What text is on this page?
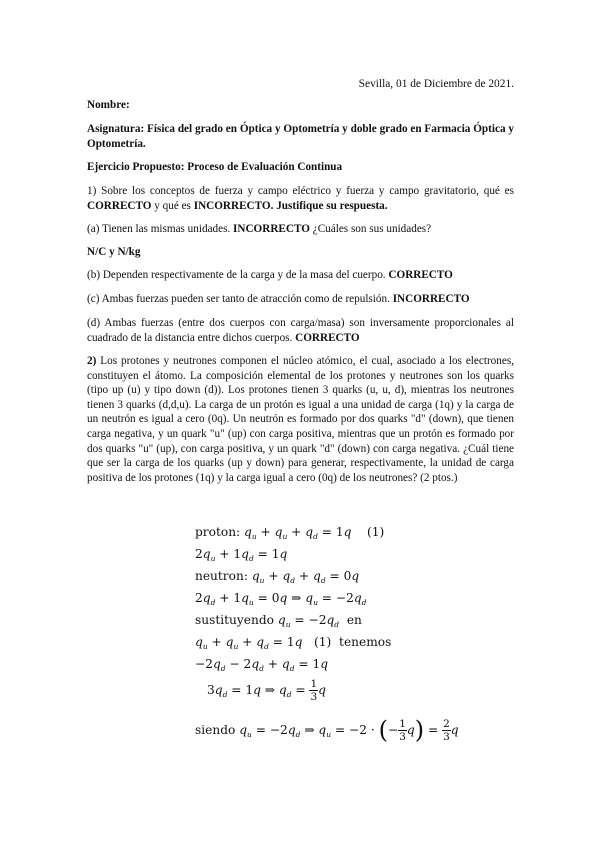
Sevilla, 01 de Diciembre de 2021.
Nombre:
Asignatura: Física del grado en Óptica y Optometría y doble grado en Farmacia Óptica y Optometría.
Ejercicio Propuesto: Proceso de Evaluación Continua
1) Sobre los conceptos de fuerza y campo eléctrico y fuerza y campo gravitatorio, qué es CORRECTO y qué es INCORRECTO. Justifique su respuesta.
(a) Tienen las mismas unidades. INCORRECTO ¿Cuáles son sus unidades?
N/C y N/kg
(b) Dependen respectivamente de la carga y de la masa del cuerpo. CORRECTO
(c) Ambas fuerzas pueden ser tanto de atracción como de repulsión. INCORRECTO
(d) Ambas fuerzas (entre dos cuerpos con carga/masa) son inversamente proporcionales al cuadrado de la distancia entre dichos cuerpos. CORRECTO
2) Los protones y neutrones componen el núcleo atómico, el cual, asociado a los electrones, constituyen el átomo. La composición elemental de los protones y neutrones son los quarks (tipo up (u) y tipo down (d)). Los protones tienen 3 quarks (u, u, d), mientras los neutrones tienen 3 quarks (d,d,u). La carga de un protón es igual a una unidad de carga (1q) y la carga de un neutrón es igual a cero (0q). Un neutrón es formado por dos quarks "d" (down), que tienen carga negativa, y un quark "u" (up) con carga positiva, mientras que un protón es formado por dos quarks "u" (up), con carga positiva, y un quark "d" (down) con carga negativa. ¿Cuál tiene que ser la carga de los quarks (up y down) para generar, respectivamente, la unidad de carga positiva de los protones (1q) y la carga igual a cero (0q) de los neutrones? (2 ptos.)
proton: $q_u + q_u + q_d = 1q$ (1)
$2q_u + 1q_d = 1q$
neutron: $q_u + q_d + q_d = 0q$
$2q_d + 1q_u = 0q$ ⇒ $q_u = -2q_d$
sustituyendo $q_u = -2q_d$ en
$q_u + q_u + q_d = 1q$ (1) tenemos
$-2q_d - 2q_d + q_d = 1q$
$3q_d = 1q$ ⇒ $q_d = \frac{1}{3}$ q
siendo $q_u = -2q_d$ ⇒ $q_u = -2$ · (− $\frac{1}{3} q) = \frac{2}{3}$ q
